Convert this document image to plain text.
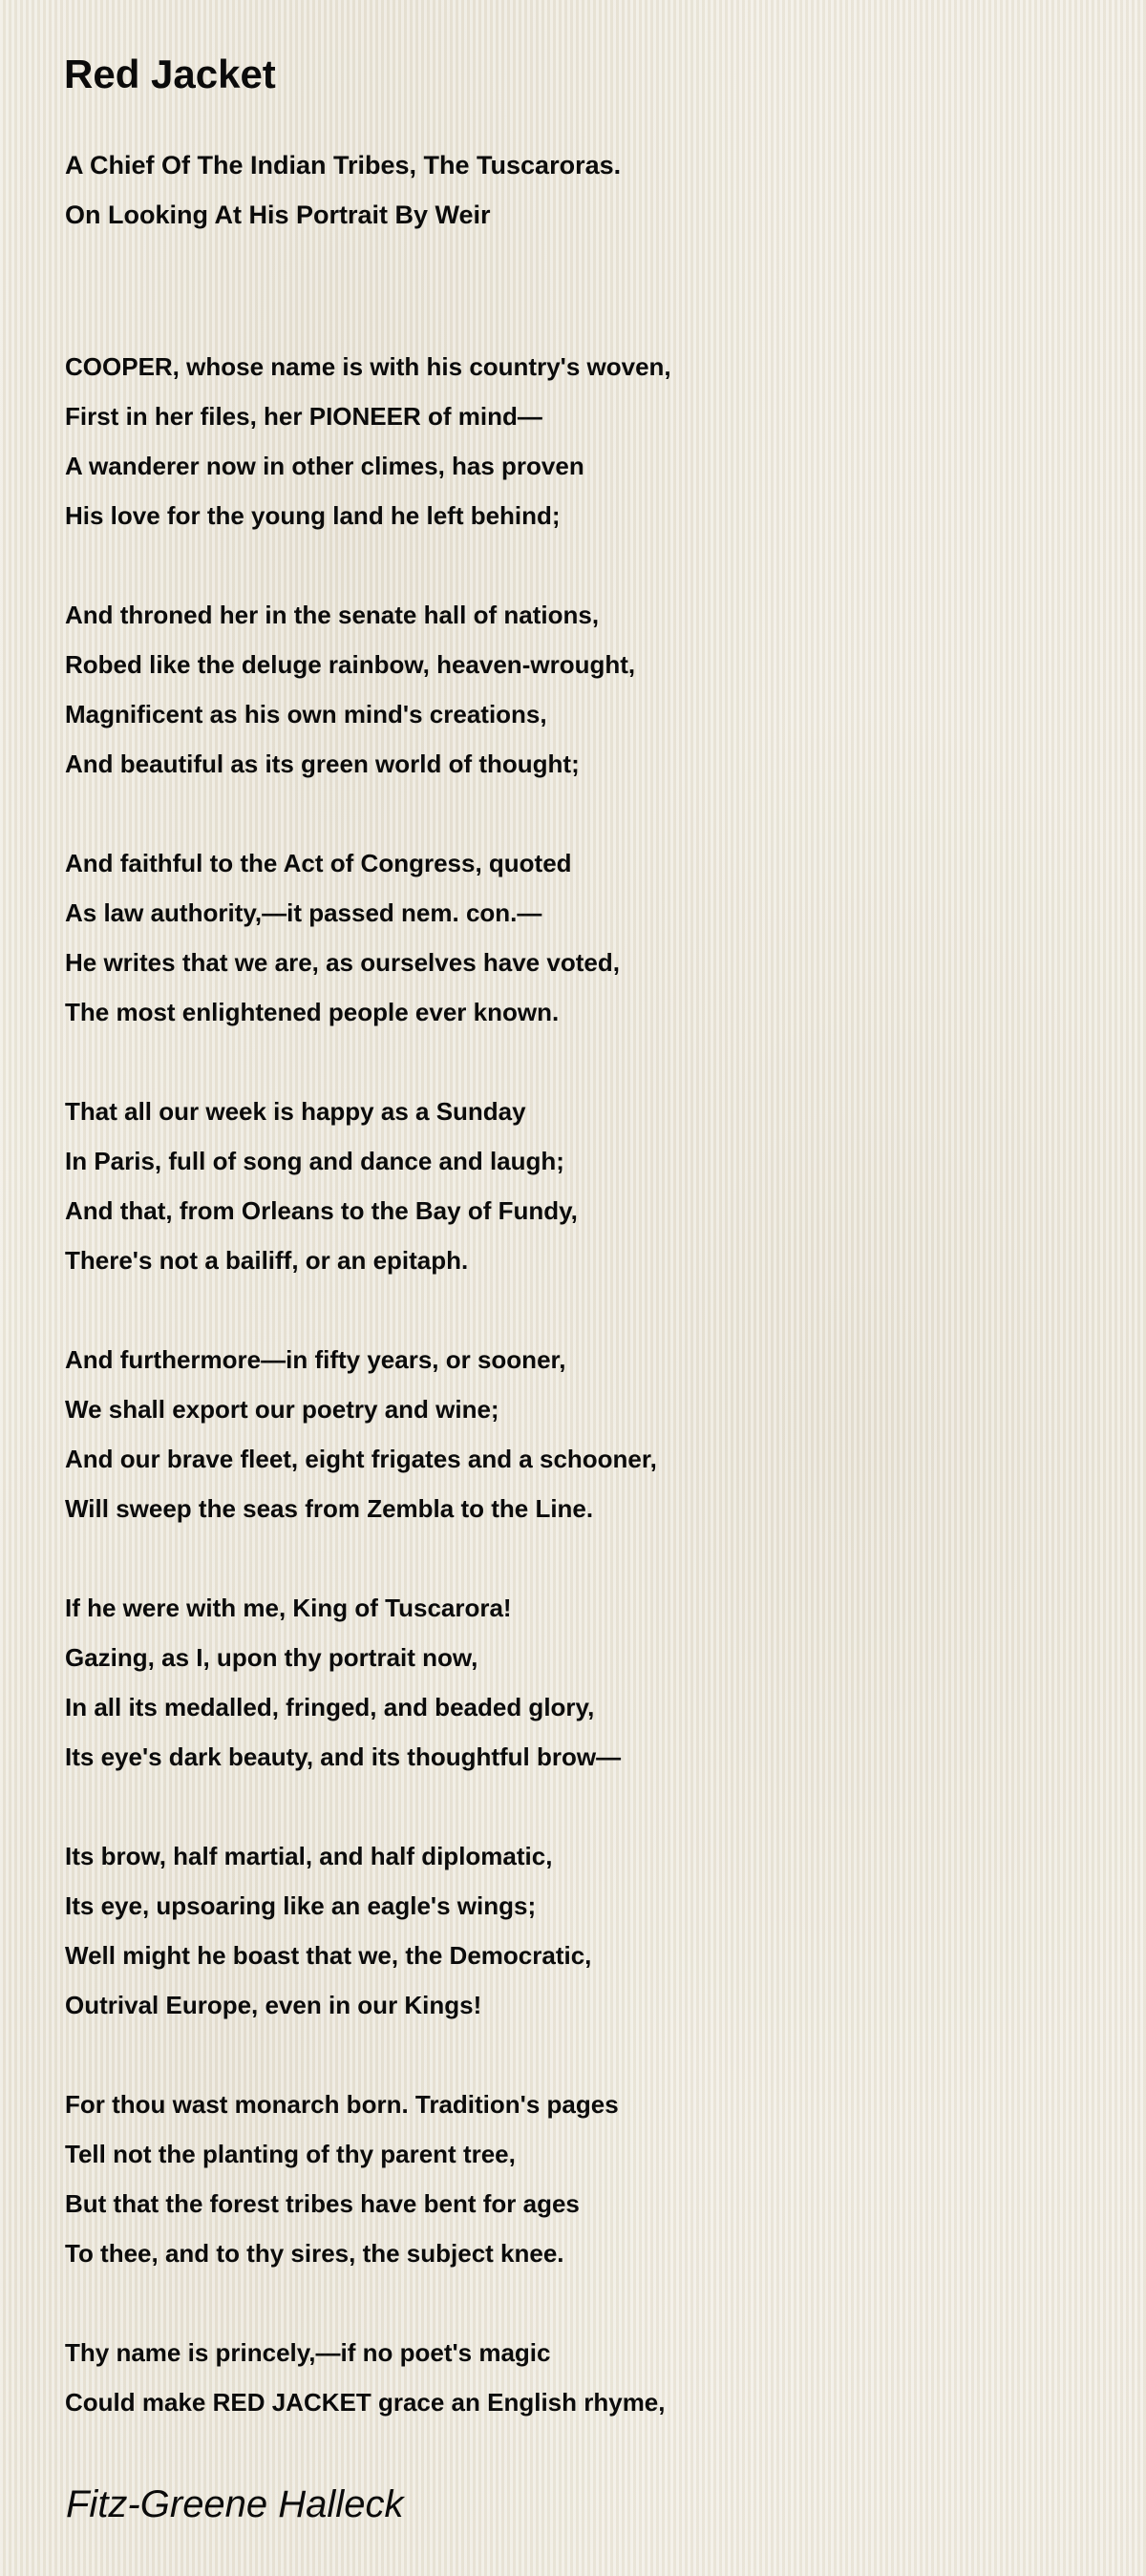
Red Jacket
A Chief Of The Indian Tribes, The Tuscaroras.
On Looking At His Portrait By Weir
COOPER, whose name is with his country's woven,
First in her files, her PIONEER of mind—
A wanderer now in other climes, has proven
His love for the young land he left behind;
And throned her in the senate hall of nations,
Robed like the deluge rainbow, heaven-wrought,
Magnificent as his own mind's creations,
And beautiful as its green world of thought;
And faithful to the Act of Congress, quoted
As law authority,—it passed nem. con.—
He writes that we are, as ourselves have voted,
The most enlightened people ever known.
That all our week is happy as a Sunday
In Paris, full of song and dance and laugh;
And that, from Orleans to the Bay of Fundy,
There's not a bailiff, or an epitaph.
And furthermore—in fifty years, or sooner,
We shall export our poetry and wine;
And our brave fleet, eight frigates and a schooner,
Will sweep the seas from Zembla to the Line.
If he were with me, King of Tuscarora!
Gazing, as I, upon thy portrait now,
In all its medalled, fringed, and beaded glory,
Its eye's dark beauty, and its thoughtful brow—
Its brow, half martial, and half diplomatic,
Its eye, upsoaring like an eagle's wings;
Well might he boast that we, the Democratic,
Outrival Europe, even in our Kings!
For thou wast monarch born. Tradition's pages
Tell not the planting of thy parent tree,
But that the forest tribes have bent for ages
To thee, and to thy sires, the subject knee.
Thy name is princely,—if no poet's magic
Could make RED JACKET grace an English rhyme,
Fitz-Greene Halleck
